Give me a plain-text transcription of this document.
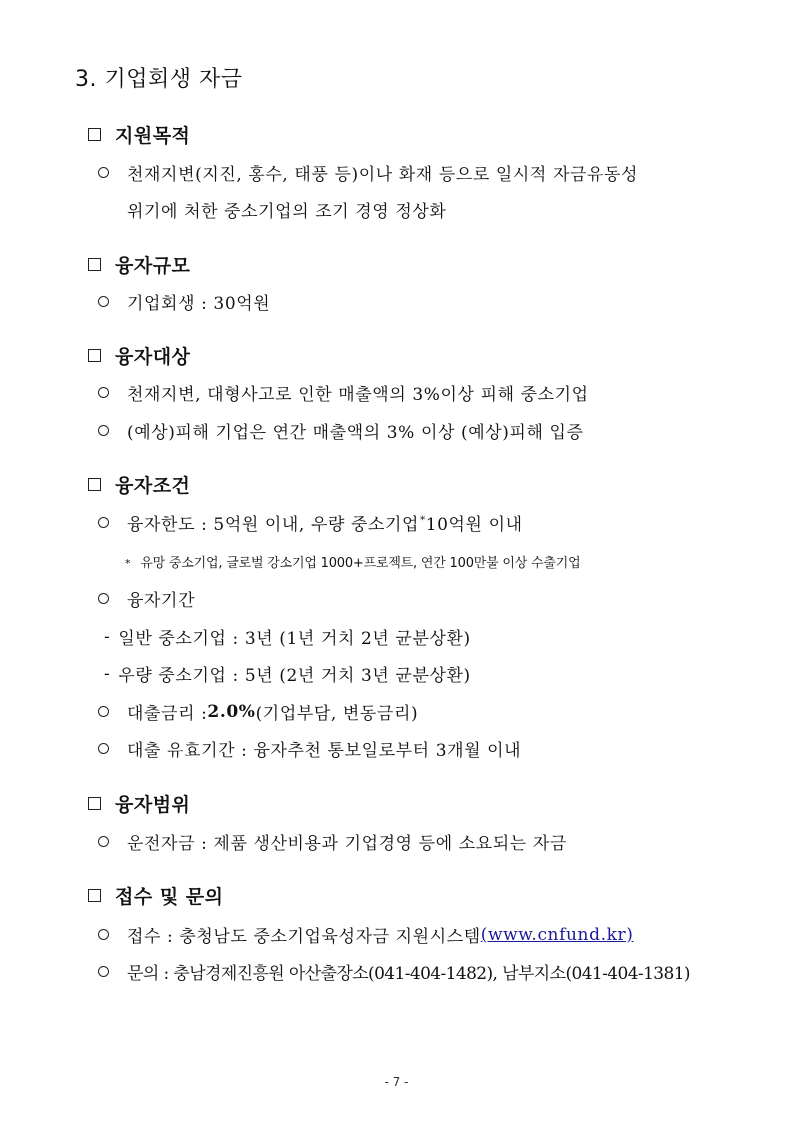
3. 기업회생 자금
지원목적

천재지변(지진, 홍수, 태풍 등)이나 화재 등으로 일시적 자금유동성

위기에 처한 중소기업의 조기 경영 정상화

융자규모

기업회생 : 30억원

융자대상

천재지변, 대형사고로 인한 매출액의 3%이상 피해 중소기업

(예상)피해 기업은 연간 매출액의 3% 이상 (예상)피해 입증

융자조건

융자한도 : 5억원 이내, 우량 중소기업* 10억원 이내

* 유망 중소기업, 글로벌 강소기업 1000+프로젝트, 연간 100만불 이상 수출기업

융자기간

- 일반 중소기업 : 3년 (1년 거치 2년 균분상환)

- 우량 중소기업 : 5년 (2년 거치 3년 균분상환)

대출금리 : 2.0% (기업부담, 변동금리)

대출 유효기간 : 융자추천 통보일로부터 3개월 이내

융자범위

운전자금 : 제품 생산비용과 기업경영 등에 소요되는 자금

접수 및 문의

접수 : 충청남도 중소기업육성자금 지원시스템 (www.cnfund.kr)

문의 : 충남경제진흥원 아산출장소(041-404-1482), 남부지소(041-404-1381)

- 7 -
